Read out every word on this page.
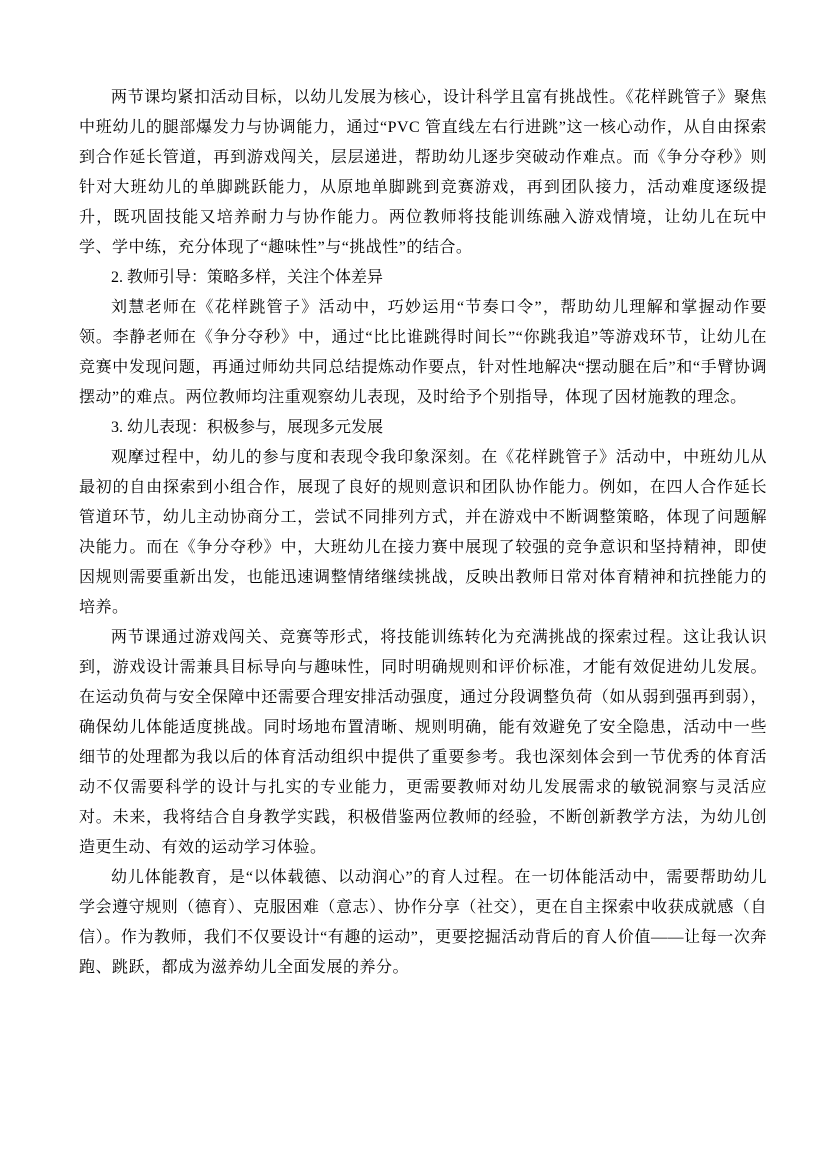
两节课均紧扣活动目标，以幼儿发展为核心，设计科学且富有挑战性。《花样跳管子》聚焦中班幼儿的腿部爆发力与协调能力，通过“PVC 管直线左右行进跳”这一核心动作，从自由探索到合作延长管道，再到游戏闯关，层层递进，帮助幼儿逐步突破动作难点。而《争分夺秒》则针对大班幼儿的单脚跳跃能力，从原地单脚跳到竞赛游戏，再到团队接力，活动难度逐级提升，既巩固技能又培养耐力与协作能力。两位教师将技能训练融入游戏情境，让幼儿在玩中学、学中练，充分体现了“趣味性”与“挑战性”的结合。

2. 教师引导：策略多样，关注个体差异

刘慧老师在《花样跳管子》活动中，巧妙运用“节奏口令”，帮助幼儿理解和掌握动作要领。李静老师在《争分夺秒》中，通过“比比谁跳得时间长”“你跳我追”等游戏环节，让幼儿在竞赛中发现问题，再通过师幼共同总结提炼动作要点，针对性地解决“摆动腿在后”和“手臂协调摆动”的难点。两位教师均注重观察幼儿表现，及时给予个别指导，体现了因材施教的理念。

3. 幼儿表现：积极参与，展现多元发展

观摩过程中，幼儿的参与度和表现令我印象深刻。在《花样跳管子》活动中，中班幼儿从最初的自由探索到小组合作，展现了良好的规则意识和团队协作能力。例如，在四人合作延长管道环节，幼儿主动协商分工，尝试不同排列方式，并在游戏中不断调整策略，体现了问题解决能力。而在《争分夺秒》中，大班幼儿在接力赛中展现了较强的竞争意识和坚持精神，即使因规则需要重新出发，也能迅速调整情绪继续挑战，反映出教师日常对体育精神和抗挫能力的培养。

两节课通过游戏闯关、竞赛等形式，将技能训练转化为充满挑战的探索过程。这让我认识到，游戏设计需兼具目标导向与趣味性，同时明确规则和评价标准，才能有效促进幼儿发展。在运动负荷与安全保障中还需要合理安排活动强度，通过分段调整负荷（如从弱到强再到弱），确保幼儿体能适度挑战。同时场地布置清晰、规则明确，能有效避免了安全隐患，活动中一些细节的处理都为我以后的体育活动组织中提供了重要参考。我也深刻体会到一节优秀的体育活动不仅需要科学的设计与扎实的专业能力，更需要教师对幼儿发展需求的敏锐洞察与灵活应对。未来，我将结合自身教学实践，积极借鉴两位教师的经验，不断创新教学方法，为幼儿创造更生动、有效的运动学习体验。

幼儿体能教育，是“以体载德、以动润心”的育人过程。在一切体能活动中，需要帮助幼儿学会遵守规则（德育）、克服困难（意志）、协作分享（社交），更在自主探索中收获成就感（自信）。作为教师，我们不仅要设计“有趣的运动”，更要挖掘活动背后的育人价值——让每一次奔跑、跳跃，都成为滋养幼儿全面发展的养分。
